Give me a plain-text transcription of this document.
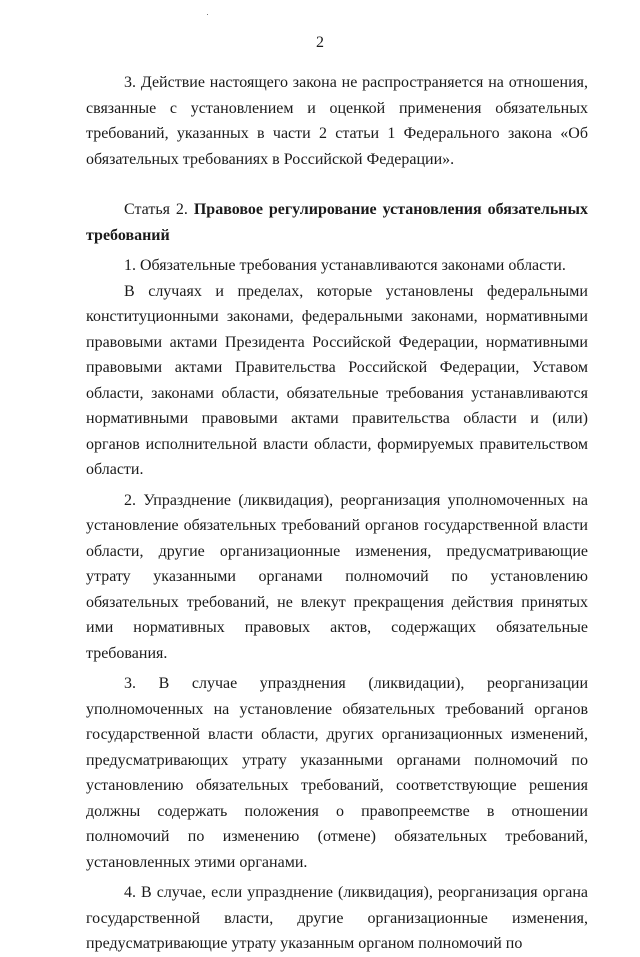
2

3. Действие настоящего закона не распространяется на отношения, связанные с установлением и оценкой применения обязательных требований, указанных в части 2 статьи 1 Федерального закона «Об обязательных требованиях в Российской Федерации».

Статья 2. Правовое регулирование установления обязательных требований

1. Обязательные требования устанавливаются законами области.

В случаях и пределах, которые установлены федеральными конституционными законами, федеральными законами, нормативными правовыми актами Президента Российской Федерации, нормативными правовыми актами Правительства Российской Федерации, Уставом области, законами области, обязательные требования устанавливаются нормативными правовыми актами правительства области и (или) органов исполнительной власти области, формируемых правительством области.

2. Упразднение (ликвидация), реорганизация уполномоченных на установление обязательных требований органов государственной власти области, другие организационные изменения, предусматривающие утрату указанными органами полномочий по установлению обязательных требований, не влекут прекращения действия принятых ими нормативных правовых актов, содержащих обязательные требования.

3. В случае упразднения (ликвидации), реорганизации уполномоченных на установление обязательных требований органов государственной власти области, других организационных изменений, предусматривающих утрату указанными органами полномочий по установлению обязательных требований, соответствующие решения должны содержать положения о правопреемстве в отношении полномочий по изменению (отмене) обязательных требований, установленных этими органами.

4. В случае, если упразднение (ликвидация), реорганизация органа государственной власти, другие организационные изменения, предусматривающие утрату указанным органом полномочий по
